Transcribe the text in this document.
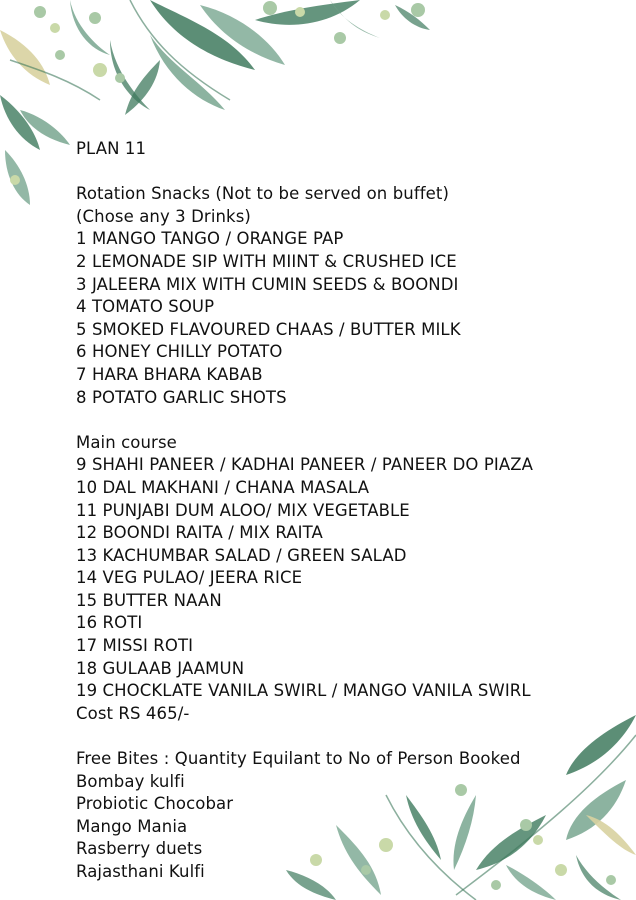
PLAN 11
Rotation Snacks (Not to be served on buffet)
(Chose any 3 Drinks)
1 MANGO TANGO / ORANGE PAP
2 LEMONADE SIP WITH MIINT & CRUSHED ICE
3 JALEERA MIX WITH CUMIN SEEDS & BOONDI
4 TOMATO SOUP
5 SMOKED FLAVOURED CHAAS / BUTTER MILK
6 HONEY CHILLY POTATO
7 HARA BHARA KABAB
8 POTATO GARLIC SHOTS
Main course
9 SHAHI PANEER / KADHAI PANEER / PANEER DO PIAZA
10 DAL MAKHANI / CHANA MASALA
11 PUNJABI DUM ALOO/ MIX VEGETABLE
12 BOONDI RAITA / MIX RAITA
13 KACHUMBAR SALAD / GREEN SALAD
14 VEG PULAO/ JEERA RICE
15 BUTTER NAAN
16 ROTI
17 MISSI ROTI
18 GULAAB JAAMUN
19 CHOCKLATE VANILA SWIRL / MANGO VANILA SWIRL
Cost RS 465/-
Free Bites : Quantity Equilant to No of Person Booked
Bombay kulfi
Probiotic Chocobar
Mango Mania
Rasberry duets
Rajasthani Kulfi
